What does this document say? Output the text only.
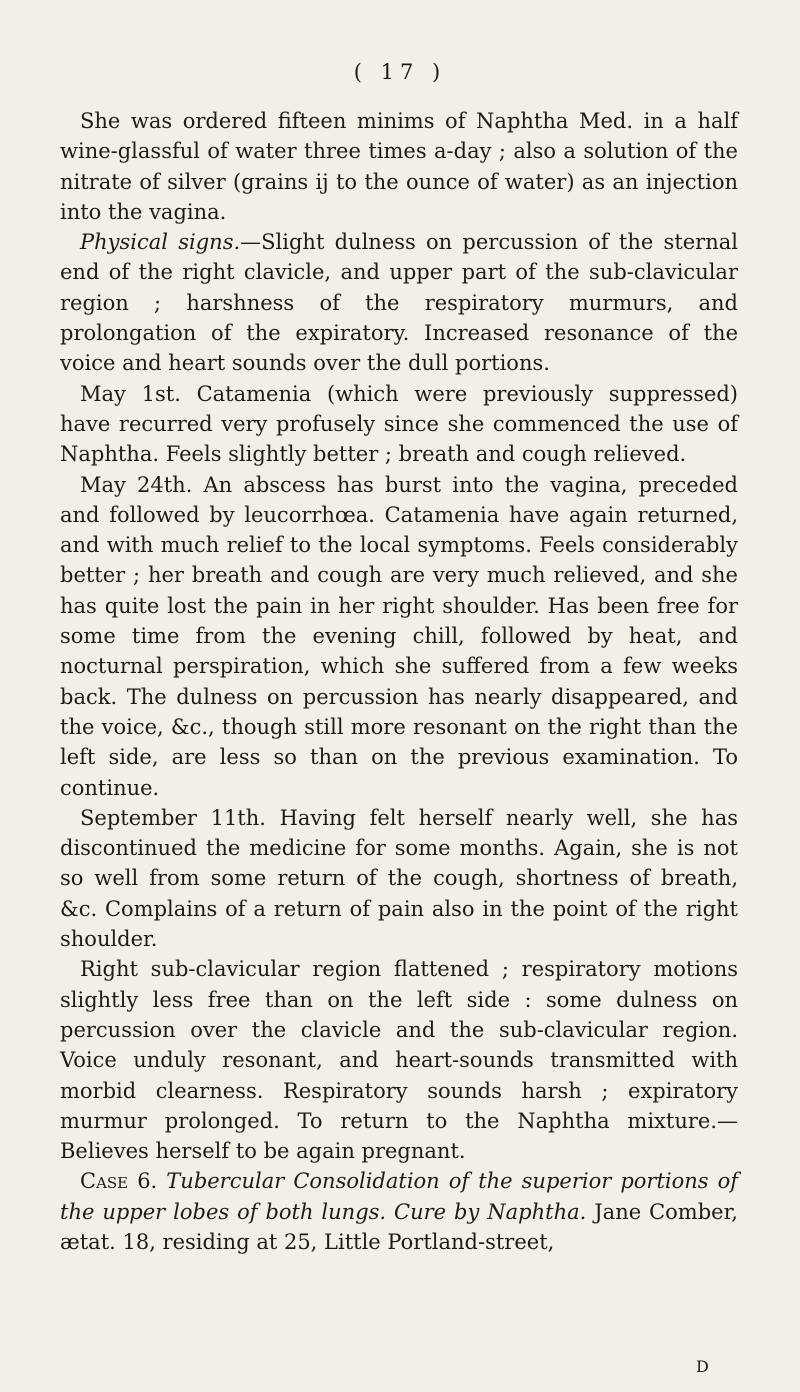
( 17 )

She was ordered fifteen minims of Naphtha Med. in a half wine-glassful of water three times a-day ; also a solution of the nitrate of silver (grains ij to the ounce of water) as an injection into the vagina.

Physical signs.—Slight dulness on percussion of the sternal end of the right clavicle, and upper part of the sub-clavicular region ; harshness of the respiratory murmurs, and prolongation of the expiratory. Increased resonance of the voice and heart sounds over the dull portions.

May 1st. Catamenia (which were previously suppressed) have recurred very profusely since she commenced the use of Naphtha. Feels slightly better ; breath and cough relieved.

May 24th. An abscess has burst into the vagina, preceded and followed by leucorrhœa. Catamenia have again returned, and with much relief to the local symptoms. Feels considerably better ; her breath and cough are very much relieved, and she has quite lost the pain in her right shoulder. Has been free for some time from the evening chill, followed by heat, and nocturnal perspiration, which she suffered from a few weeks back. The dulness on percussion has nearly disappeared, and the voice, &c., though still more resonant on the right than the left side, are less so than on the previous examination. To continue.

September 11th. Having felt herself nearly well, she has discontinued the medicine for some months. Again, she is not so well from some return of the cough, shortness of breath, &c. Complains of a return of pain also in the point of the right shoulder.

Right sub-clavicular region flattened ; respiratory motions slightly less free than on the left side : some dulness on percussion over the clavicle and the sub-clavicular region. Voice unduly resonant, and heart-sounds transmitted with morbid clearness. Respiratory sounds harsh ; expiratory murmur prolonged. To return to the Naphtha mixture.—Believes herself to be again pregnant.

Case 6. Tubercular Consolidation of the superior portions of the upper lobes of both lungs. Cure by Naphtha. Jane Comber, ætat. 18, residing at 25, Little Portland-street,

D
